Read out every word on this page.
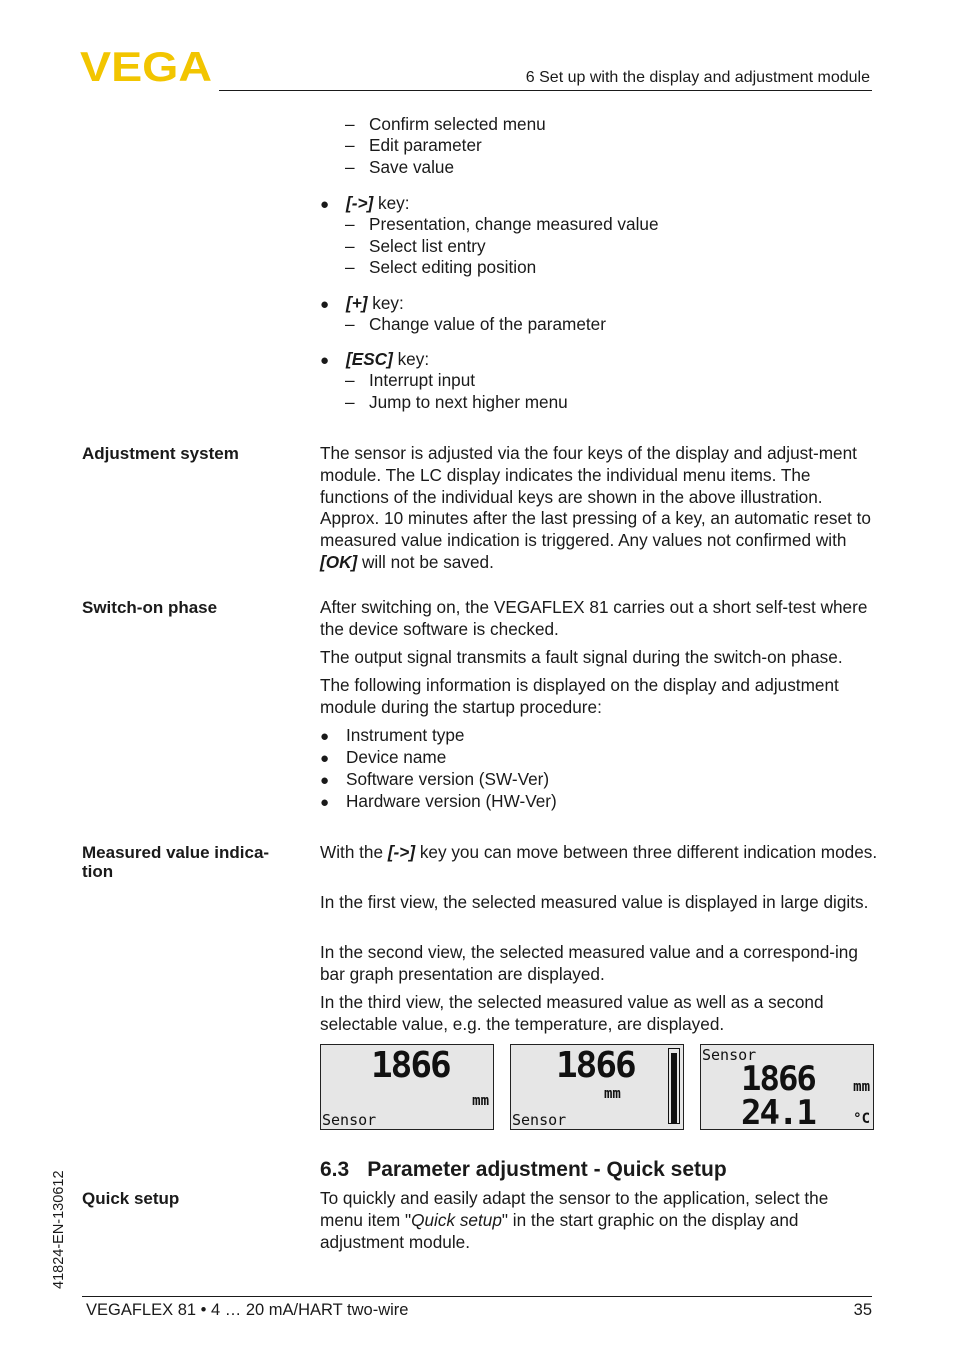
VEGA	6 Set up with the display and adjustment module
– Confirm selected menu
– Edit parameter
– Save value
● [->] key:
– Presentation, change measured value
– Select list entry
– Select editing position
● [+] key:
– Change value of the parameter
● [ESC] key:
– Interrupt input
– Jump to next higher menu
Adjustment system	The sensor is adjusted via the four keys of the display and adjust-ment module. The LC display indicates the individual menu items. The functions of the individual keys are shown in the above illustration. Approx. 10 minutes after the last pressing of a key, an automatic reset to measured value indication is triggered. Any values not confirmed with [OK] will not be saved.
Switch-on phase	After switching on, the VEGAFLEX 81 carries out a short self-test where the device software is checked.
The output signal transmits a fault signal during the switch-on phase.
The following information is displayed on the display and adjustment module during the startup procedure:
● Instrument type
● Device name
● Software version (SW-Ver)
● Hardware version (HW-Ver)
Measured value indica-
tion
With the [->] key you can move between three different indication modes.
In the first view, the selected measured value is displayed in large digits.
In the second view, the selected measured value and a correspond-ing bar graph presentation are displayed.
In the third view, the selected measured value as well as a second selectable value, e.g. the temperature, are displayed.
1866
mm
Sensor
1866
mm
Sensor
Sensor
1866	mm
24.1	°C
6.3 Parameter adjustment - Quick setup
Quick setup	To quickly and easily adapt the sensor to the application, select the menu item "Quick setup" in the start graphic on the display and adjustment module.
41824-EN-130612
VEGAFLEX 81 • 4 … 20 mA/HART two-wire	35
